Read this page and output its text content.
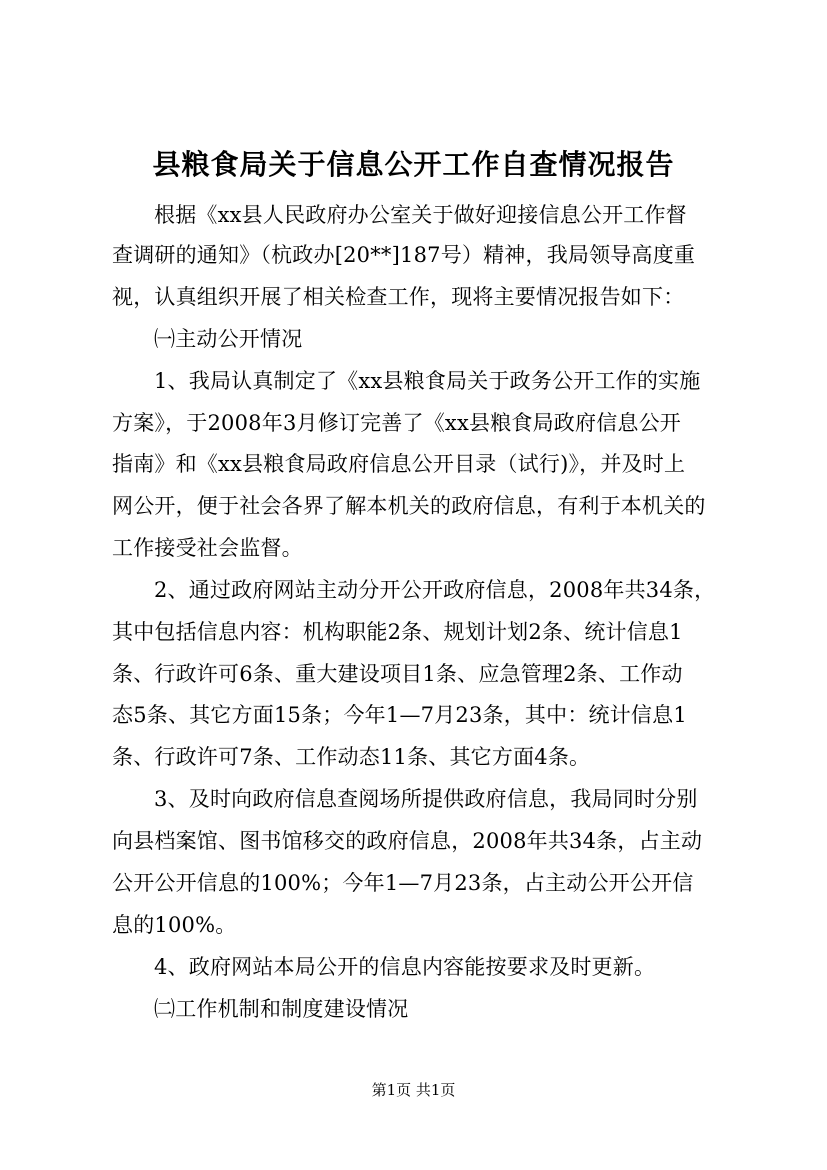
县粮食局关于信息公开工作自查情况报告
根据《xx县人民政府办公室关于做好迎接信息公开工作督
查调研的通知》（杭政办[20**]187号）精神，我局领导高度重
视，认真组织开展了相关检查工作，现将主要情况报告如下：
㈠主动公开情况
1、我局认真制定了《xx县粮食局关于政务公开工作的实施
方案》，于2008年3月修订完善了《xx县粮食局政府信息公开
指南》和《xx县粮食局政府信息公开目录（试行)》，并及时上
网公开，便于社会各界了解本机关的政府信息，有利于本机关的
工作接受社会监督。
2、通过政府网站主动分开公开政府信息，2008年共34条，
其中包括信息内容：机构职能2条、规划计划2条、统计信息1
条、行政许可6条、重大建设项目1条、应急管理2条、工作动
态5条、其它方面15条；今年1—7月23条，其中：统计信息1
条、行政许可7条、工作动态11条、其它方面4条。
3、及时向政府信息查阅场所提供政府信息，我局同时分别
向县档案馆、图书馆移交的政府信息，2008年共34条，占主动
公开公开信息的100%；今年1—7月23条，占主动公开公开信
息的100%。
4、政府网站本局公开的信息内容能按要求及时更新。
㈡工作机制和制度建设情况
第1页 共1页
